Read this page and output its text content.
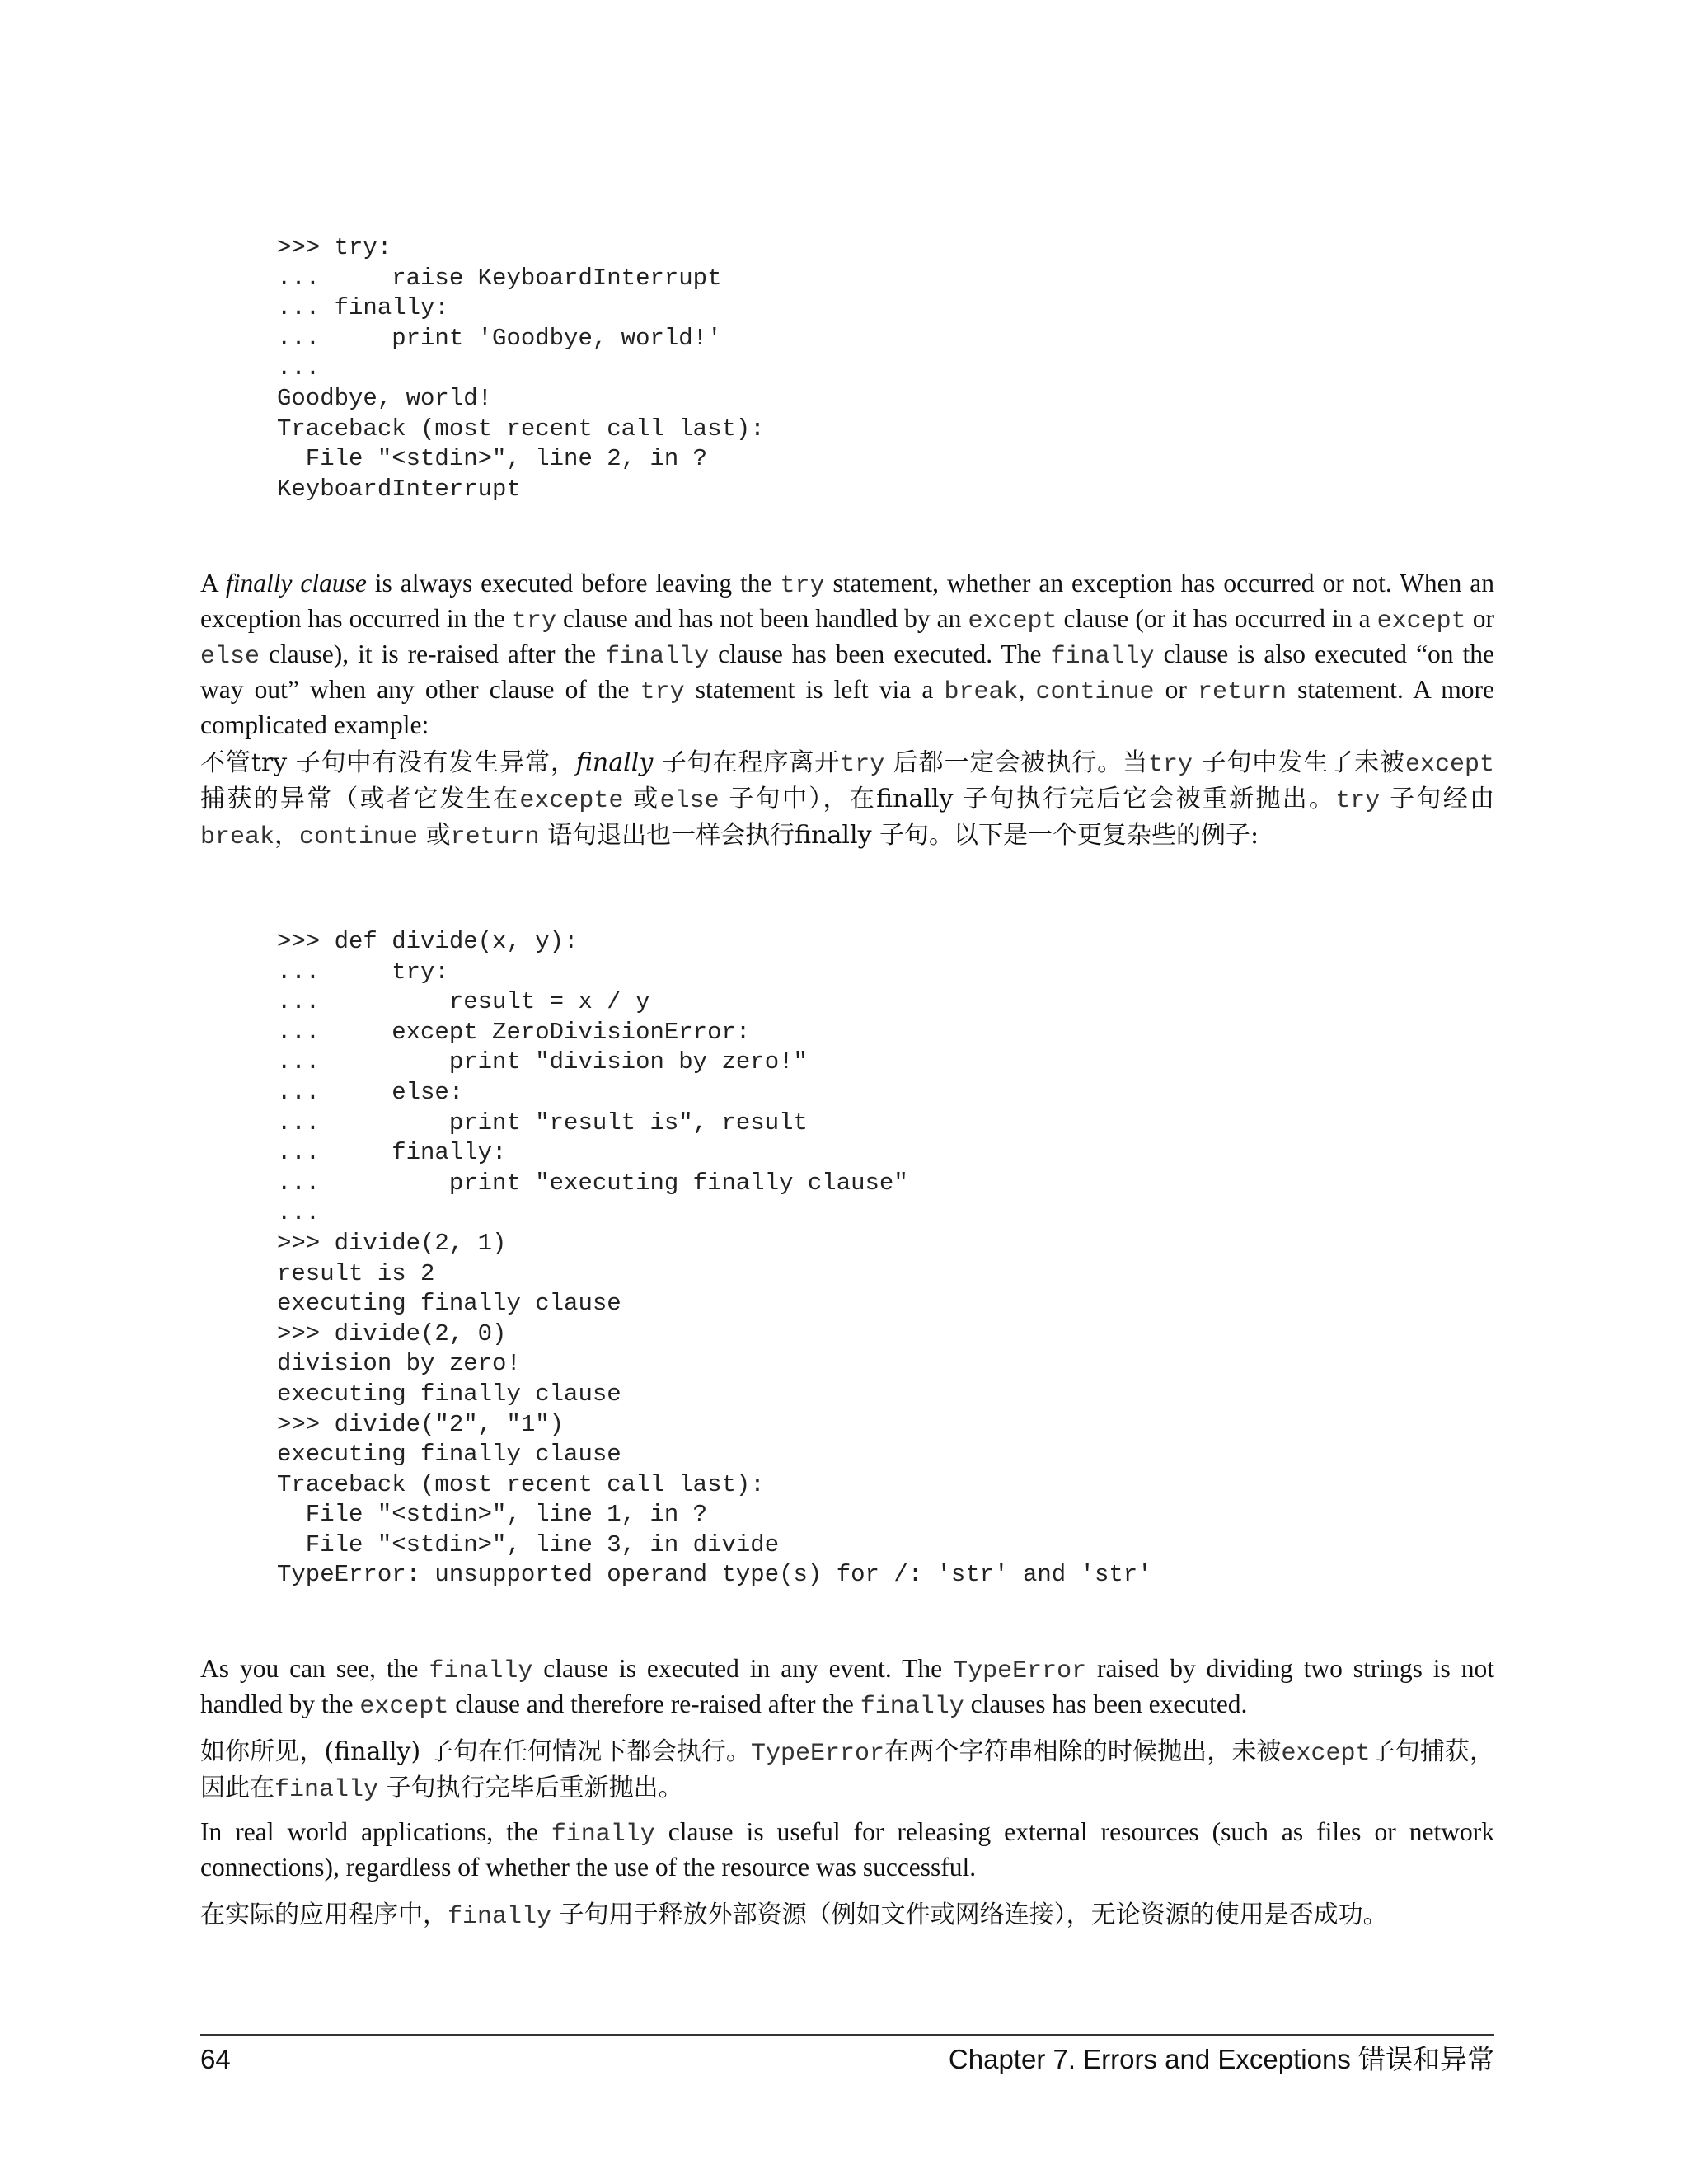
>>> try:
...     raise KeyboardInterrupt
... finally:
...     print 'Goodbye, world!'
...
Goodbye, world!
Traceback (most recent call last):
File "<stdin>", line 2, in ?
KeyboardInterrupt

A finally clause is always executed before leaving the try statement, whether an exception has occurred or not. When an exception has occurred in the try clause and has not been handled by an except clause (or it has occurred in a except or else clause), it is re-raised after the finally clause has been executed. The finally clause is also executed “on the way out” when any other clause of the try statement is left via a break, continue or return statement. A more complicated example:

不管try 子句中有没有发生异常，finally 子句在程序离开try 后都一定会被执行。当try 子句中发生了未被except 捕获的异常（或者它发生在excepte 或else 子句中），在finally 子句执行完后它会被重新抛出。try 子句经由break，continue 或return 语句退出也一样会执行finally 子句。以下是一个更复杂些的例子:

>>> def divide(x, y):
...     try:
...         result = x / y
...     except ZeroDivisionError:
...         print "division by zero!"
...     else:
...         print "result is", result
...     finally:
...         print "executing finally clause"
...
>>> divide(2, 1)
result is 2
executing finally clause
>>> divide(2, 0)
division by zero!
executing finally clause
>>> divide("2", "1")
executing finally clause
Traceback (most recent call last):
File "<stdin>", line 1, in ?
File "<stdin>", line 3, in divide
TypeError: unsupported operand type(s) for /: 'str' and 'str'

As you can see, the finally clause is executed in any event. The TypeError raised by dividing two strings is not handled by the except clause and therefore re-raised after the finally clauses has been executed.

如你所见，(finally) 子句在任何情况下都会执行。TypeError在两个字符串相除的时候抛出，未被except子句捕获，因此在finally 子句执行完毕后重新抛出。

In real world applications, the finally clause is useful for releasing external resources (such as files or network connections), regardless of whether the use of the resource was successful.

在实际的应用程序中，finally 子句用于释放外部资源（例如文件或网络连接），无论资源的使用是否成功。

64	Chapter 7. Errors and Exceptions 错误和异常
